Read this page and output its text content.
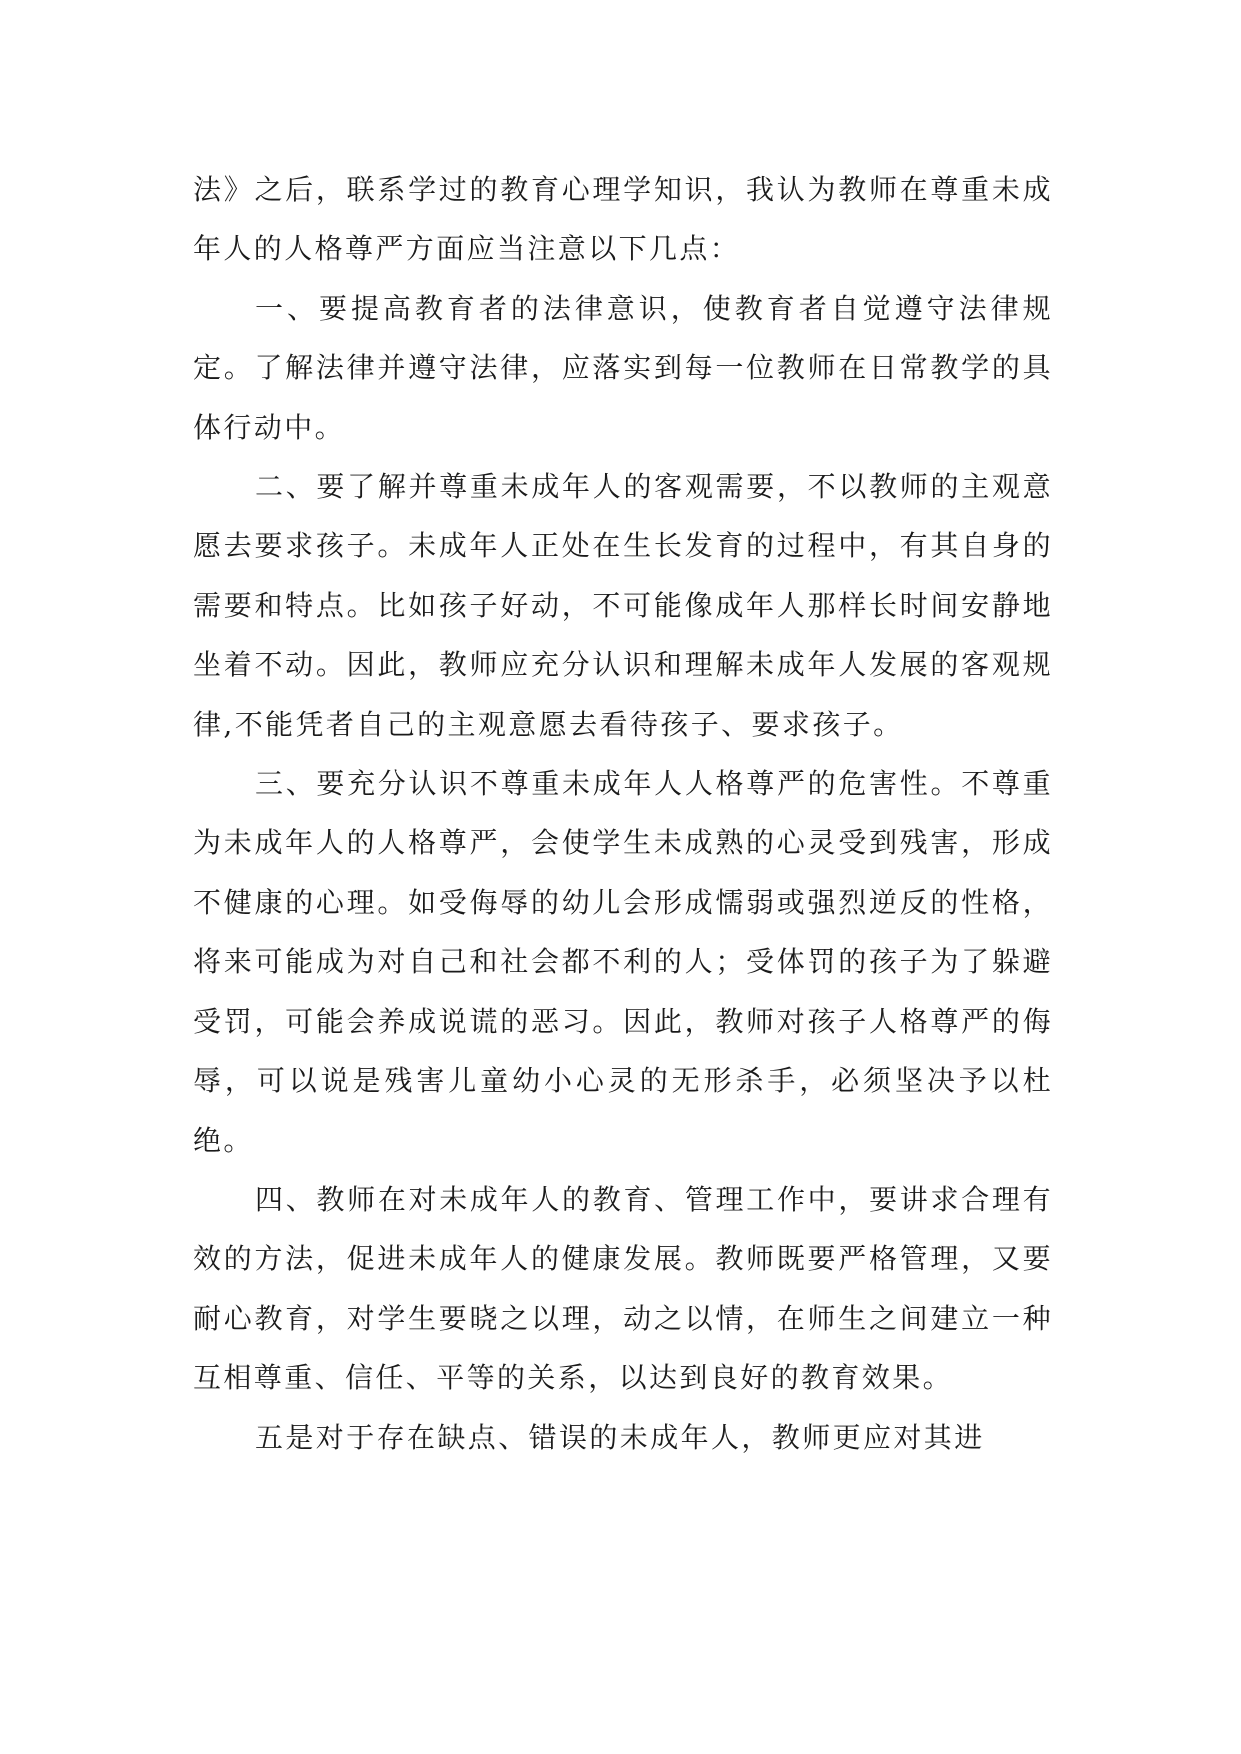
法》之后，联系学过的教育心理学知识，我认为教师在尊重未成年人的人格尊严方面应当注意以下几点：

一、要提高教育者的法律意识，使教育者自觉遵守法律规定。了解法律并遵守法律，应落实到每一位教师在日常教学的具体行动中。

二、要了解并尊重未成年人的客观需要，不以教师的主观意愿去要求孩子。未成年人正处在生长发育的过程中，有其自身的需要和特点。比如孩子好动，不可能像成年人那样长时间安静地坐着不动。因此，教师应充分认识和理解未成年人发展的客观规律,不能凭者自己的主观意愿去看待孩子、要求孩子。

三、要充分认识不尊重未成年人人格尊严的危害性。不尊重为未成年人的人格尊严，会使学生未成熟的心灵受到残害，形成不健康的心理。如受侮辱的幼儿会形成懦弱或强烈逆反的性格，将来可能成为对自己和社会都不利的人；受体罚的孩子为了躲避受罚，可能会养成说谎的恶习。因此，教师对孩子人格尊严的侮辱，可以说是残害儿童幼小心灵的无形杀手，必须坚决予以杜绝。

四、教师在对未成年人的教育、管理工作中，要讲求合理有效的方法，促进未成年人的健康发展。教师既要严格管理，又要耐心教育，对学生要晓之以理，动之以情，在师生之间建立一种互相尊重、信任、平等的关系，以达到良好的教育效果。

五是对于存在缺点、错误的未成年人，教师更应对其进
